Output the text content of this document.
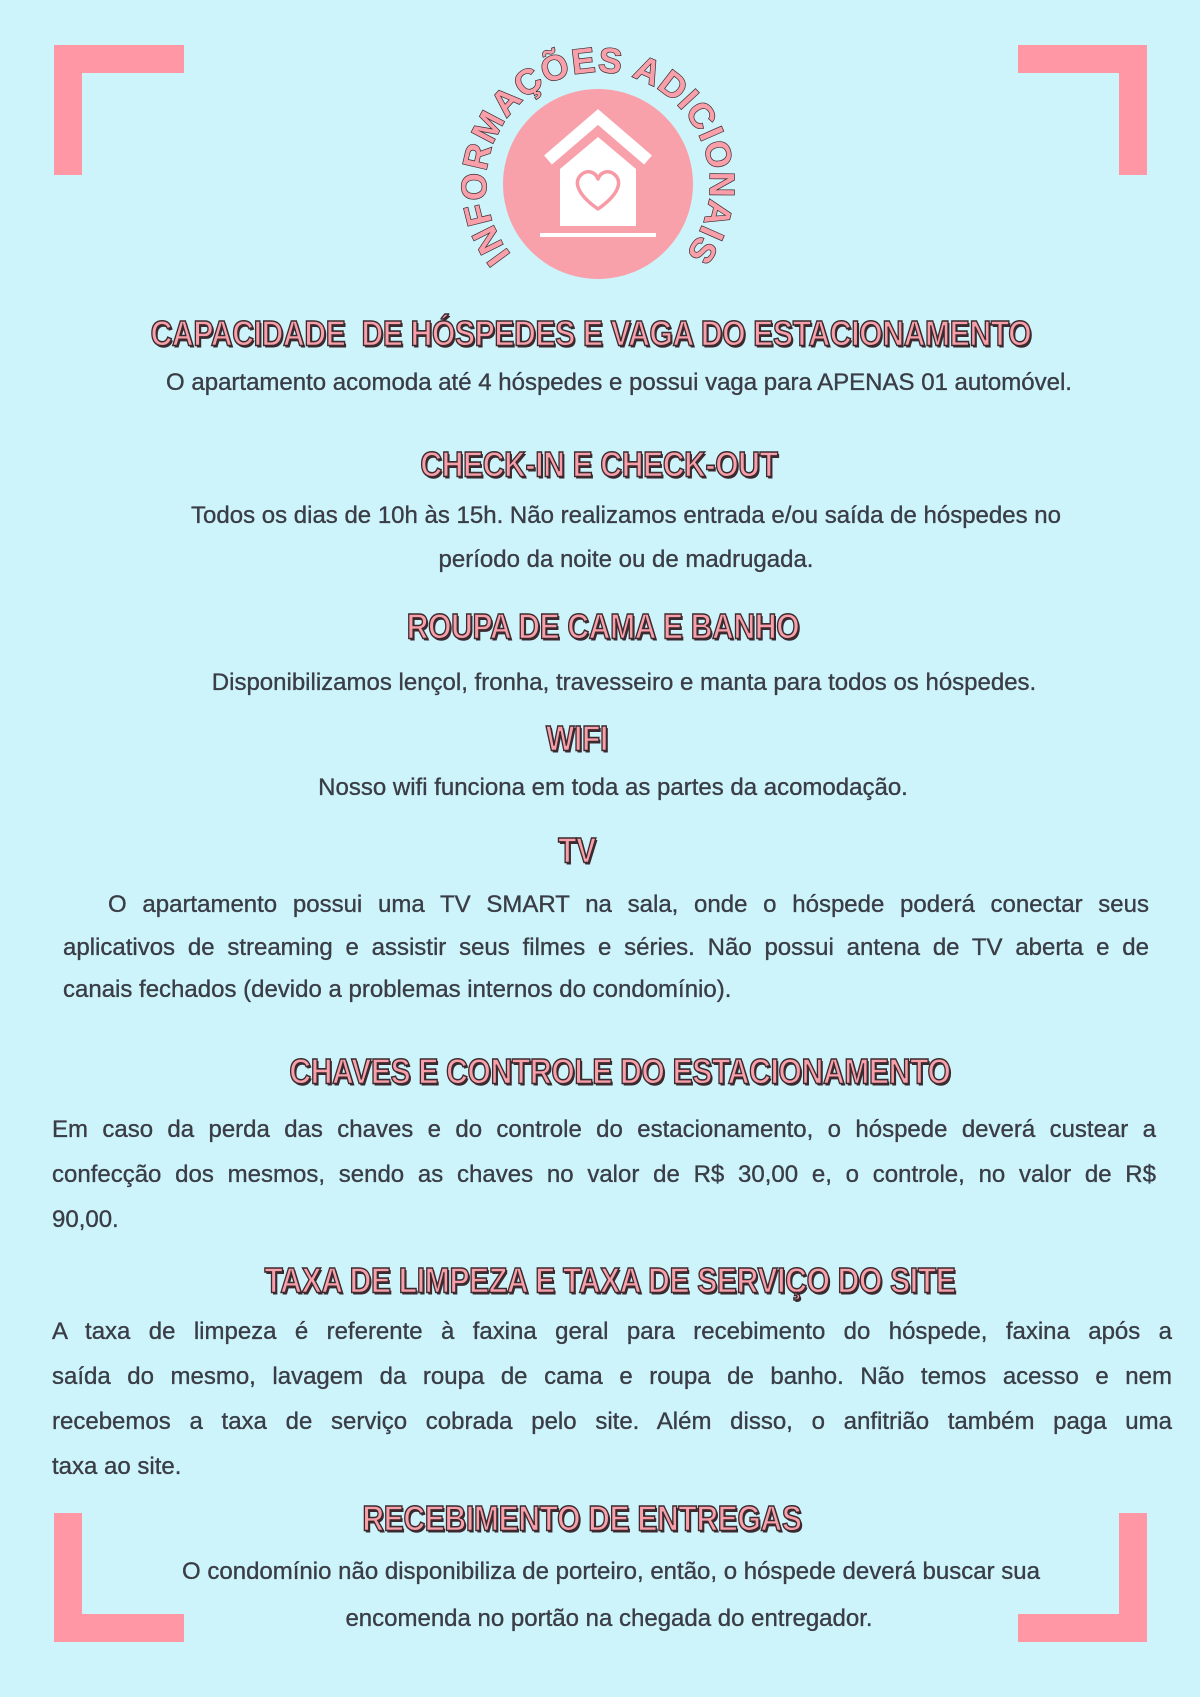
INFORMAÇÕES ADICIONAIS
CAPACIDADE  DE HÓSPEDES E VAGA DO ESTACIONAMENTO
O apartamento acomoda até 4 hóspedes e possui vaga para APENAS 01 automóvel.
CHECK-IN E CHECK-OUT
Todos os dias de 10h às 15h. Não realizamos entrada e/ou saída de hóspedes no
período da noite ou de madrugada.
ROUPA DE CAMA E BANHO
Disponibilizamos lençol, fronha, travesseiro e manta para todos os hóspedes.
WIFI
Nosso wifi funciona em toda as partes da acomodação.
TV
O apartamento possui uma TV SMART na sala, onde o hóspede poderá conectar seus
aplicativos de streaming e assistir seus filmes e séries. Não possui antena de TV aberta e de
canais fechados (devido a problemas internos do condomínio).
CHAVES E CONTROLE DO ESTACIONAMENTO
Em caso da perda das chaves e do controle do estacionamento, o hóspede deverá custear a
confecção dos mesmos, sendo as chaves no valor de R$ 30,00 e, o controle, no valor de R$
90,00.
TAXA DE LIMPEZA E TAXA DE SERVIÇO DO SITE
A taxa de limpeza é referente à faxina geral para recebimento do hóspede, faxina após a
saída do mesmo, lavagem da roupa de cama e roupa de banho. Não temos acesso e nem
recebemos a taxa de serviço cobrada pelo site. Além disso, o anfitrião também paga uma
taxa ao site.
RECEBIMENTO DE ENTREGAS
O condomínio não disponibiliza de porteiro, então, o hóspede deverá buscar sua
encomenda no portão na chegada do entregador.
